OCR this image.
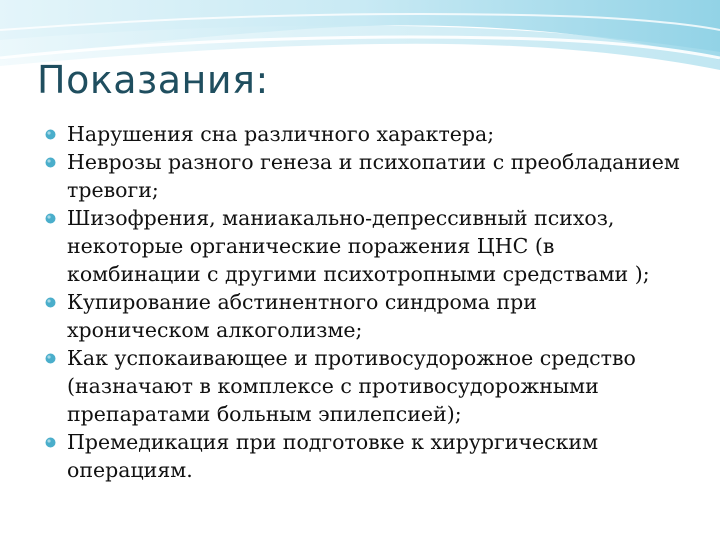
Показания:
Нарушения сна различного характера;
Неврозы разного генеза и психопатии с преобладанием
тревоги;
Шизофрения, маниакально-депрессивный психоз,
некоторые органические поражения ЦНС (в
комбинации с другими психотропными средствами );
Купирование абстинентного синдрома при
хроническом алкоголизме;
Как успокаивающее и противосудорожное средство
(назначают в комплексе с противосудорожными
препаратами больным эпилепсией);
Премедикация при подготовке к хирургическим
операциям.
